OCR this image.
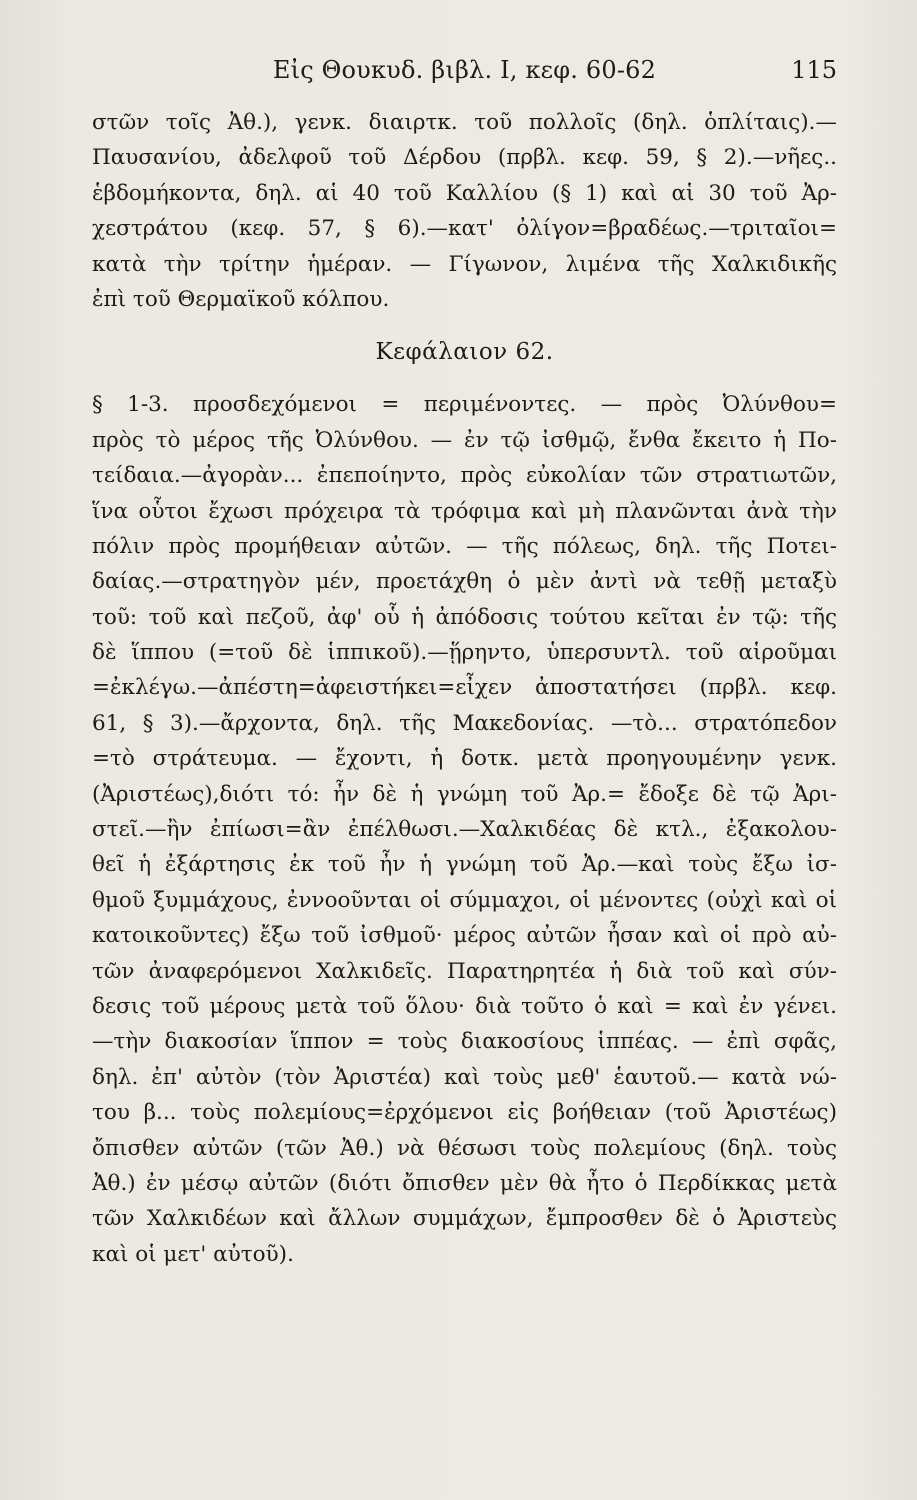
Εἰς Θουκυδ. βιβλ. I, κεφ. 60-62	115
στῶν τοῖς Ἀθ.), γενκ. διαιρτκ. τοῦ πολλοῖς (δηλ. ὁπλίταις).—
Παυσανίου, ἀδελφοῦ τοῦ Δέρδου (πρβλ. κεφ. 59, § 2).—νῆες..
ἑβδομήκοντα, δηλ. αἱ 40 τοῦ Καλλίου (§ 1) καὶ αἱ 30 τοῦ Ἀρ-
χεστράτου (κεφ. 57, § 6).—κατ' ὀλίγον=βραδέως.—τριταῖοι=
κατὰ τὴν τρίτην ἡμέραν. — Γίγωνον, λιμένα τῆς Χαλκιδικῆς
ἐπὶ τοῦ Θερμαϊκοῦ κόλπου.
Κεφάλαιον 62.
§ 1-3. προσδεχόμενοι = περιμένοντες. — πρὸς Ὀλύνθου=
πρὸς τὸ μέρος τῆς Ὀλύνθου. — ἐν τῷ ἰσθμῷ, ἔνθα ἔκειτο ἡ Πο-
τείδαια.—ἀγορὰν... ἐπεποίηντο, πρὸς εὐκολίαν τῶν στρατιωτῶν,
ἵνα οὗτοι ἔχωσι πρόχειρα τὰ τρόφιμα καὶ μὴ πλανῶνται ἀνὰ τὴν
πόλιν πρὸς προμήθειαν αὐτῶν. — τῆς πόλεως, δηλ. τῆς Ποτει-
δαίας.—στρατηγὸν μέν, προετάχθη ὁ μὲν ἀντὶ νὰ τεθῇ μεταξὺ
τοῦ: τοῦ καὶ πεζοῦ, ἀφ' οὗ ἡ ἀπόδοσις τούτου κεῖται ἐν τῷ: τῆς
δὲ ἵππου (=τοῦ δὲ ἱππικοῦ).—ᾕρηντο, ὑπερσυντλ. τοῦ αἱροῦμαι
=ἐκλέγω.—ἀπέστη=ἀφειστήκει=εἶχεν ἀποστατήσει (πρβλ. κεφ.
61, § 3).—ἄρχοντα, δηλ. τῆς Μακεδονίας. —τὸ... στρατόπεδον
=τὸ στράτευμα. — ἔχοντι, ἡ δοτκ. μετὰ προηγουμένην γενκ.
(Ἀριστέως),διότι τό: ἦν δὲ ἡ γνώμη τοῦ Ἀρ.= ἔδοξε δὲ τῷ Ἀρι-
στεῖ.—ἢν ἐπίωσι=ἂν ἐπέλθωσι.—Χαλκιδέας δὲ κτλ., ἐξακολου-
θεῖ ἡ ἐξάρτησις ἐκ τοῦ ἦν ἡ γνώμη τοῦ Ἀρ.—καὶ τοὺς ἔξω ἰσ-
θμοῦ ξυμμάχους, ἐννοοῦνται οἱ σύμμαχοι, οἱ μένοντες (οὐχὶ καὶ οἱ
κατοικοῦντες) ἔξω τοῦ ἰσθμοῦ· μέρος αὐτῶν ἦσαν καὶ οἱ πρὸ αὐ-
τῶν ἀναφερόμενοι Χαλκιδεῖς. Παρατηρητέα ἡ διὰ τοῦ καὶ σύν-
δεσις τοῦ μέρους μετὰ τοῦ ὅλου· διὰ τοῦτο ὁ καὶ = καὶ ἐν γένει.
—τὴν διακοσίαν ἵππον = τοὺς διακοσίους ἱππέας. — ἐπὶ σφᾶς,
δηλ. ἐπ' αὐτὸν (τὸν Ἀριστέα) καὶ τοὺς μεθ' ἑαυτοῦ.— κατὰ νώ-
του β... τοὺς πολεμίους=ἐρχόμενοι εἰς βοήθειαν (τοῦ Ἀριστέως)
ὄπισθεν αὐτῶν (τῶν Ἀθ.) νὰ θέσωσι τοὺς πολεμίους (δηλ. τοὺς
Ἀθ.) ἐν μέσῳ αὐτῶν (διότι ὄπισθεν μὲν θὰ ἦτο ὁ Περδίκκας μετὰ
τῶν Χαλκιδέων καὶ ἄλλων συμμάχων, ἔμπροσθεν δὲ ὁ Ἀριστεὺς
καὶ οἱ μετ' αὐτοῦ).
